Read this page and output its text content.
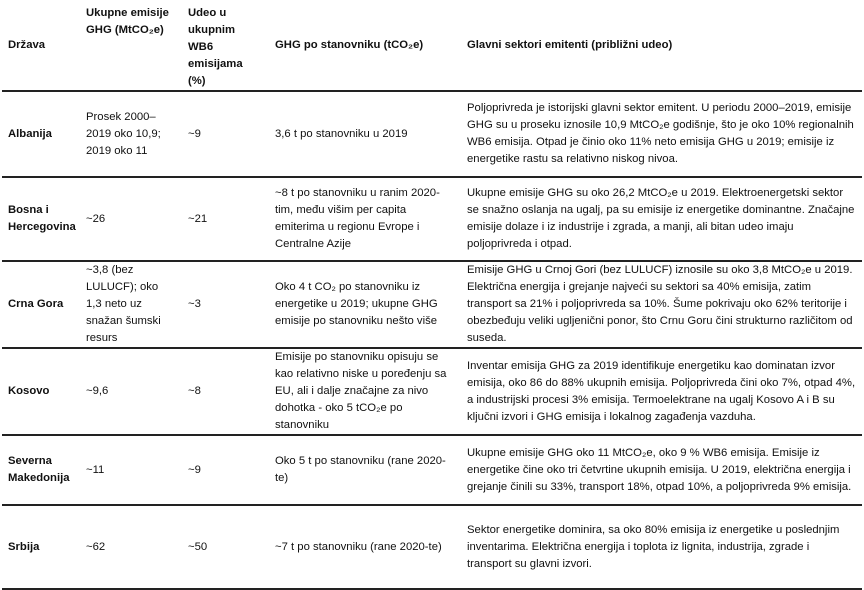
Država	Ukupne emisije GHG (MtCO₂e)	Udeo u ukupnim WB6 emisijama (%)	GHG po stanovniku (tCO₂e)	Glavni sektori emitenti (približni udeo)
Albanija	Prosek 2000–2019 oko 10,9; 2019 oko 11	~9	3,6 t po stanovniku u 2019	Poljoprivreda je istorijski glavni sektor emitent. U periodu 2000–2019, emisije GHG su u proseku iznosile 10,9 MtCO₂e godišnje, što je oko 10% regionalnih WB6 emisija. Otpad je činio oko 11% neto emisija GHG u 2019; emisije iz energetike rastu sa relativno niskog nivoa.
Bosna i Hercegovina	~26	~21	~8 t po stanovniku u ranim 2020-tim, među višim per capita emiterima u regionu Evrope i Centralne Azije	Ukupne emisije GHG su oko 26,2 MtCO₂e u 2019. Elektroenergetski sektor se snažno oslanja na ugalj, pa su emisije iz energetike dominantne. Značajne emisije dolaze i iz industrije i zgrada, a manji, ali bitan udeo imaju poljoprivreda i otpad.
Crna Gora	~3,8 (bez LULUCF); oko 1,3 neto uz snažan šumski resurs	~3	Oko 4 t CO₂ po stanovniku iz energetike u 2019; ukupne GHG emisije po stanovniku nešto više	Emisije GHG u Crnoj Gori (bez LULUCF) iznosile su oko 3,8 MtCO₂e u 2019. Električna energija i grejanje najveći su sektori sa 40% emisija, zatim transport sa 21% i poljoprivreda sa 10%. Šume pokrivaju oko 62% teritorije i obezbeđuju veliki ugljenični ponor, što Crnu Goru čini strukturno različitom od suseda.
Kosovo	~9,6	~8	Emisije po stanovniku opisuju se kao relativno niske u poređenju sa EU, ali i dalje značajne za nivo dohotka - oko 5 tCO₂e po stanovniku	Inventar emisija GHG za 2019 identifikuje energetiku kao dominatan izvor emisija, oko 86 do 88% ukupnih emisija. Poljoprivreda čini oko 7%, otpad 4%, a industrijski procesi 3% emisija. Termoelektrane na ugalj Kosovo A i B su ključni izvori i GHG emisija i lokalnog zagađenja vazduha.
Severna Makedonija	~11	~9	Oko 5 t po stanovniku (rane 2020-te)	Ukupne emisije GHG oko 11 MtCO₂e, oko 9 % WB6 emisija. Emisije iz energetike čine oko tri četvrtine ukupnih emisija. U 2019, električna energija i grejanje činili su 33%, transport 18%, otpad 10%, a poljoprivreda 9% emisija.
Srbija	~62	~50	~7 t po stanovniku (rane 2020-te)	Sektor energetike dominira, sa oko 80% emisija iz energetike u poslednjim inventarima. Električna energija i toplota iz lignita, industrija, zgrade i transport su glavni izvori.
